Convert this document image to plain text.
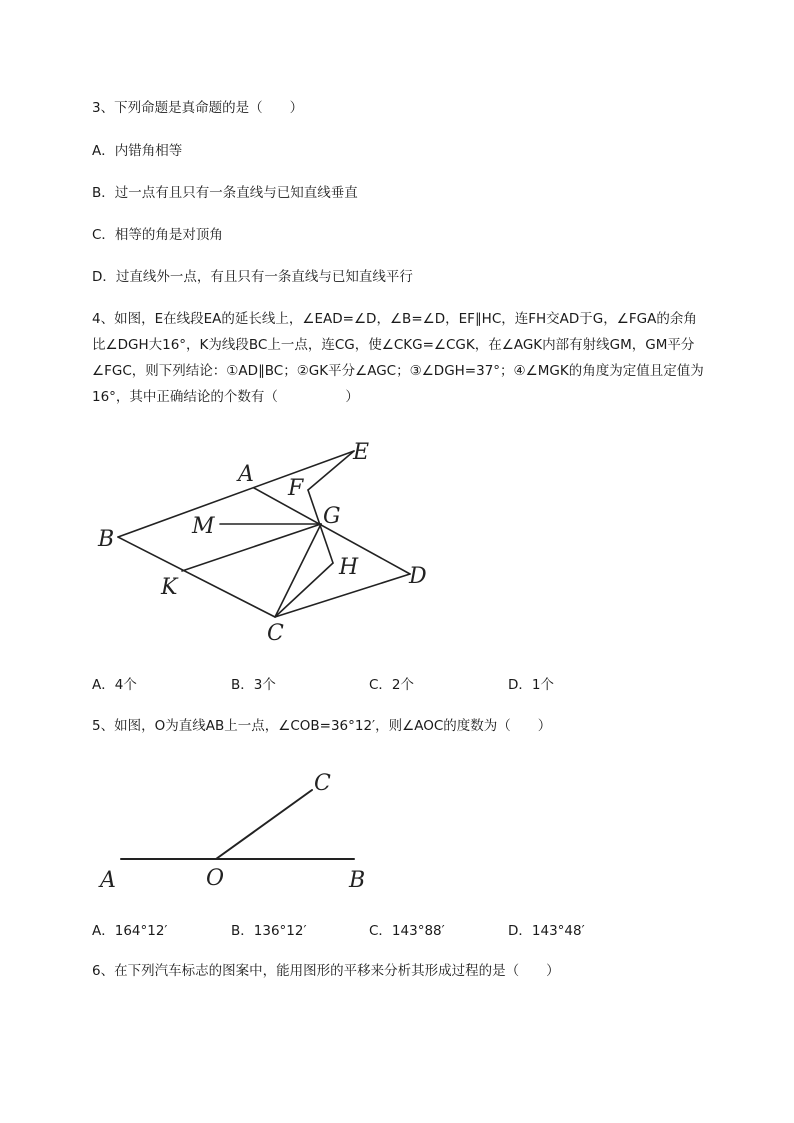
3、下列命题是真命题的是（　　）
A．内错角相等
B．过一点有且只有一条直线与已知直线垂直
C．相等的角是对顶角
D．过直线外一点，有且只有一条直线与已知直线平行
4、如图，E在线段EA的延长线上，∠EAD=∠D，∠B=∠D，EF∥HC，连FH交AD于G，∠FGA的余角
比∠DGH大16°，K为线段BC上一点，连CG，使∠CKG=∠CGK，在∠AGK内部有射线GM，GM平分
∠FGC，则下列结论：①AD∥BC；②GK平分∠AGC；③∠DGH=37°；④∠MGK的角度为定值且定值为
16°，其中正确结论的个数有（　　　　　）
A
B
C
D
E
F
G
H
K
M
A．4个	B．3个	C．2个	D．1个
5、如图，O为直线AB上一点，∠COB=36°12′，则∠AOC的度数为（　　）
A	O	B
C
A．164°12′	B．136°12′	C．143°88′	D．143°48′
6、在下列汽车标志的图案中，能用图形的平移来分析其形成过程的是（　　）
